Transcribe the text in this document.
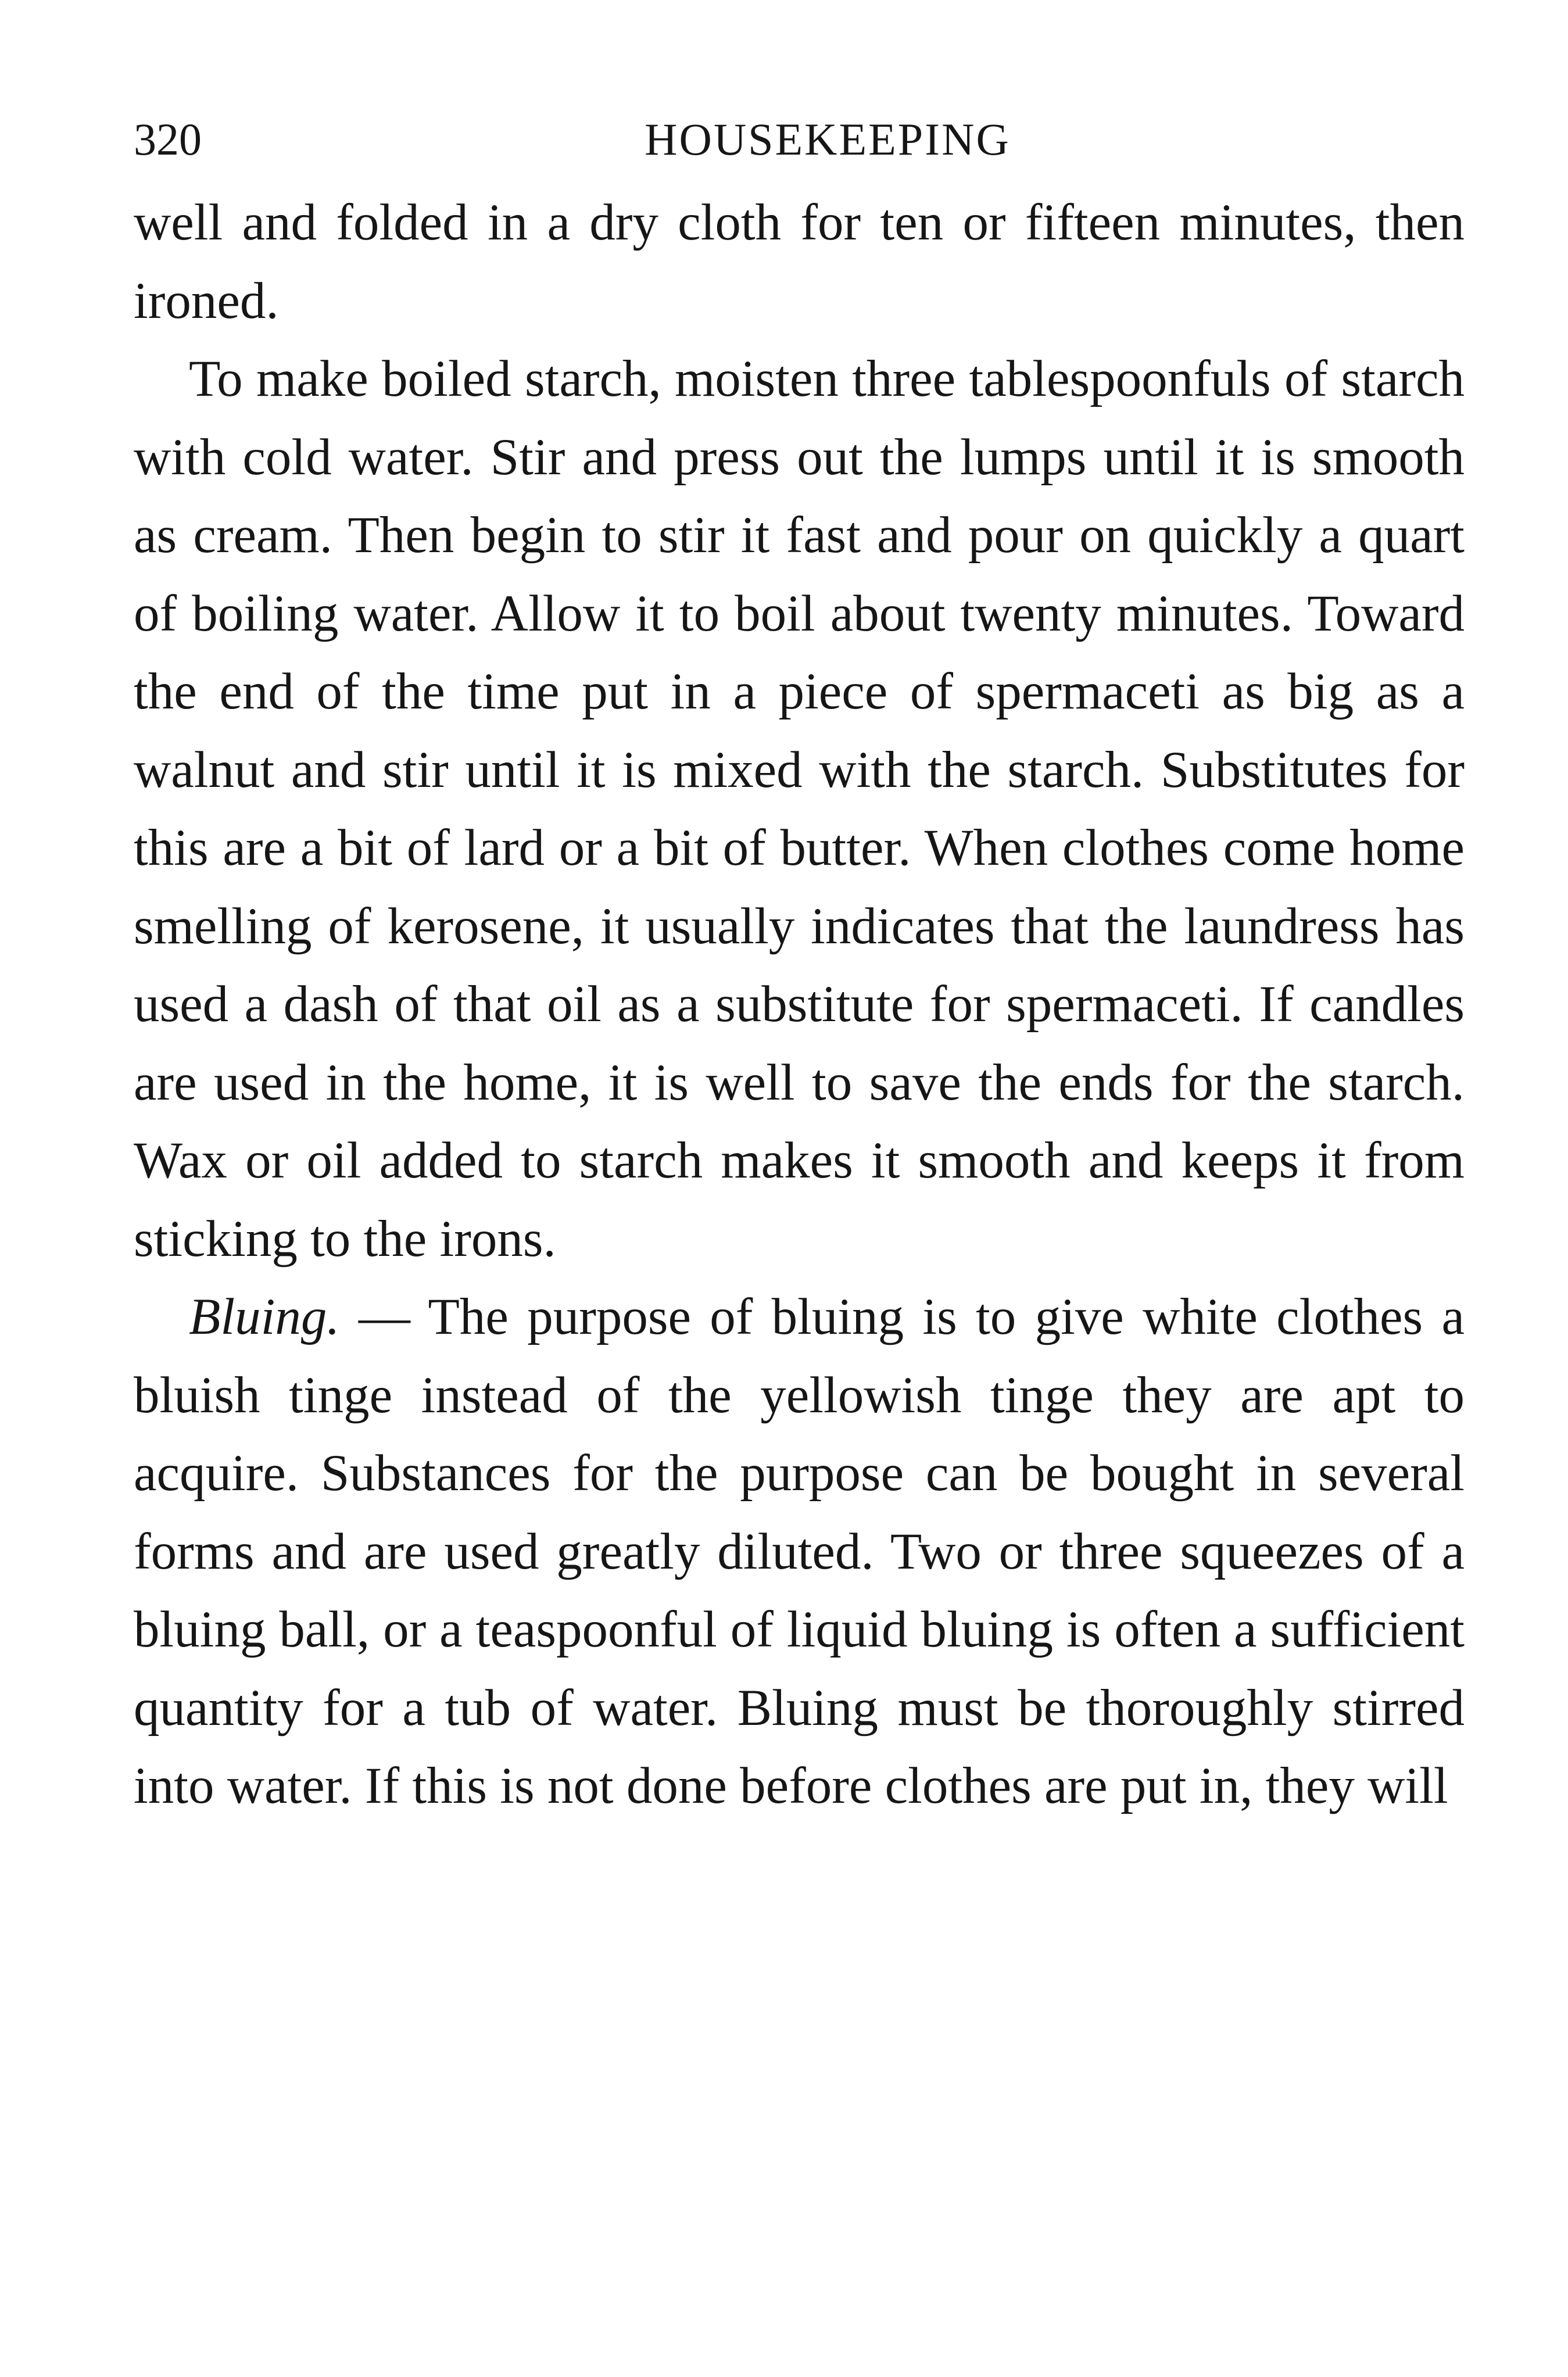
320	HOUSEKEEPING

well and folded in a dry cloth for ten or fifteen minutes, then ironed.

To make boiled starch, moisten three tablespoonfuls of starch with cold water. Stir and press out the lumps until it is smooth as cream. Then begin to stir it fast and pour on quickly a quart of boiling water. Allow it to boil about twenty minutes. Toward the end of the time put in a piece of spermaceti as big as a walnut and stir until it is mixed with the starch. Substitutes for this are a bit of lard or a bit of butter. When clothes come home smelling of kerosene, it usually indicates that the laundress has used a dash of that oil as a substitute for spermaceti. If candles are used in the home, it is well to save the ends for the starch. Wax or oil added to starch makes it smooth and keeps it from sticking to the irons.

Bluing. — The purpose of bluing is to give white clothes a bluish tinge instead of the yellowish tinge they are apt to acquire. Substances for the purpose can be bought in several forms and are used greatly diluted. Two or three squeezes of a bluing ball, or a teaspoonful of liquid bluing is often a sufficient quantity for a tub of water. Bluing must be thoroughly stirred into water. If this is not done before clothes are put in, they will
